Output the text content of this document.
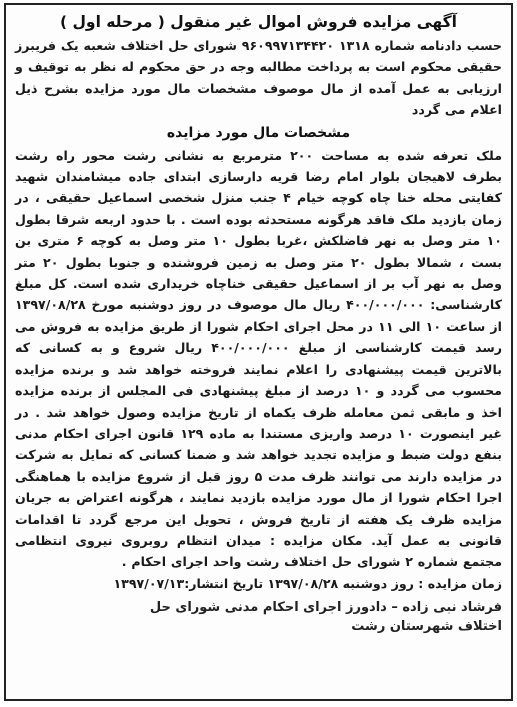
آگهی مزایده فروش اموال غیر منقول ( مرحله اول )

حسب دادنامه شماره ۱۳۱۸ ۹۶۰۹۹۷۱۳۴۴۲۰ شورای حل اختلاف شعبه یک فریبرز حقیقی محکوم است به پرداخت مطالبه وجه در حق محکوم له نظر به توقیف و ارزیابی به عمل آمده از مال موصوف مشخصات مال مورد مزایده بشرح ذیل اعلام می گردد

مشخصات مال مورد مزایده

ملک تعرفه شده به مساحت ۲۰۰ مترمربع به نشانی رشت محور راه رشت بطرف لاهیجان بلوار امام رضا قریه دارسازی ابتدای جاده میشامندان شهید کفایتی محله خنا چاه کوچه خیام ۴ جنب منزل شخصی اسماعیل حقیقی ، در زمان بازدید ملک فاقد هرگونه مستحدثه بوده است . با حدود اربعه شرقا بطول ۱۰ متر وصل به نهر فاضلکش ،غربا بطول ۱۰ متر وصل به کوچه ۶ متری بن بست ، شمالا بطول ۲۰ متر وصل به زمین فروشنده و جنوبا بطول ۲۰ متر وصل به نهر آب بر از اسماعیل حقیقی خناچاه خریداری شده است. کل مبلغ کارشناسی: ۴۰۰/۰۰۰/۰۰۰ ریال مال موصوف در روز دوشنبه مورخ ۱۳۹۷/۰۸/۲۸ از ساعت ۱۰ الی ۱۱ در محل اجرای احکام شورا از طریق مزایده به فروش می رسد قیمت کارشناسی از مبلغ ۴۰۰/۰۰۰/۰۰۰ ریال شروع و به کسانی که بالاترین قیمت پیشنهادی را اعلام نمایند فروخته خواهد شد و برنده مزایده محسوب می گردد و ۱۰ درصد از مبلغ پیشنهادی فی المجلس از برنده مزایده اخذ و مابقی ثمن معامله ظرف یکماه از تاریخ مزایده وصول خواهد شد . در غیر اینصورت ۱۰ درصد واریزی مستندا به ماده ۱۲۹ قانون اجرای احکام مدنی بنفع دولت ضبط و مزایده تجدید خواهد شد و ضمنا کسانی که تمایل به شرکت در مزایده دارند می توانند ظرف مدت ۵ روز قبل از شروع مزایده با هماهنگی اجرا احکام شورا از مال مورد مزایده بازدید نمایند ، هرگونه اعتراض به جریان مزایده ظرف یک هفته از تاریخ فروش ، تحویل این مرجع گردد تا اقدامات قانونی به عمل آید. مکان مزایده : میدان انتظام روبروی نیروی انتظامی مجتمع شماره ۲ شورای حل اختلاف رشت واحد اجرای احکام .

زمان مزایده : روز دوشنبه ۱۳۹۷/۰۸/۲۸ تاریخ انتشار:۱۳۹۷/۰۷/۱۳

فرشاد نبی زاده – دادورز اجرای احکام مدنی شورای حل
اختلاف شهرستان رشت
